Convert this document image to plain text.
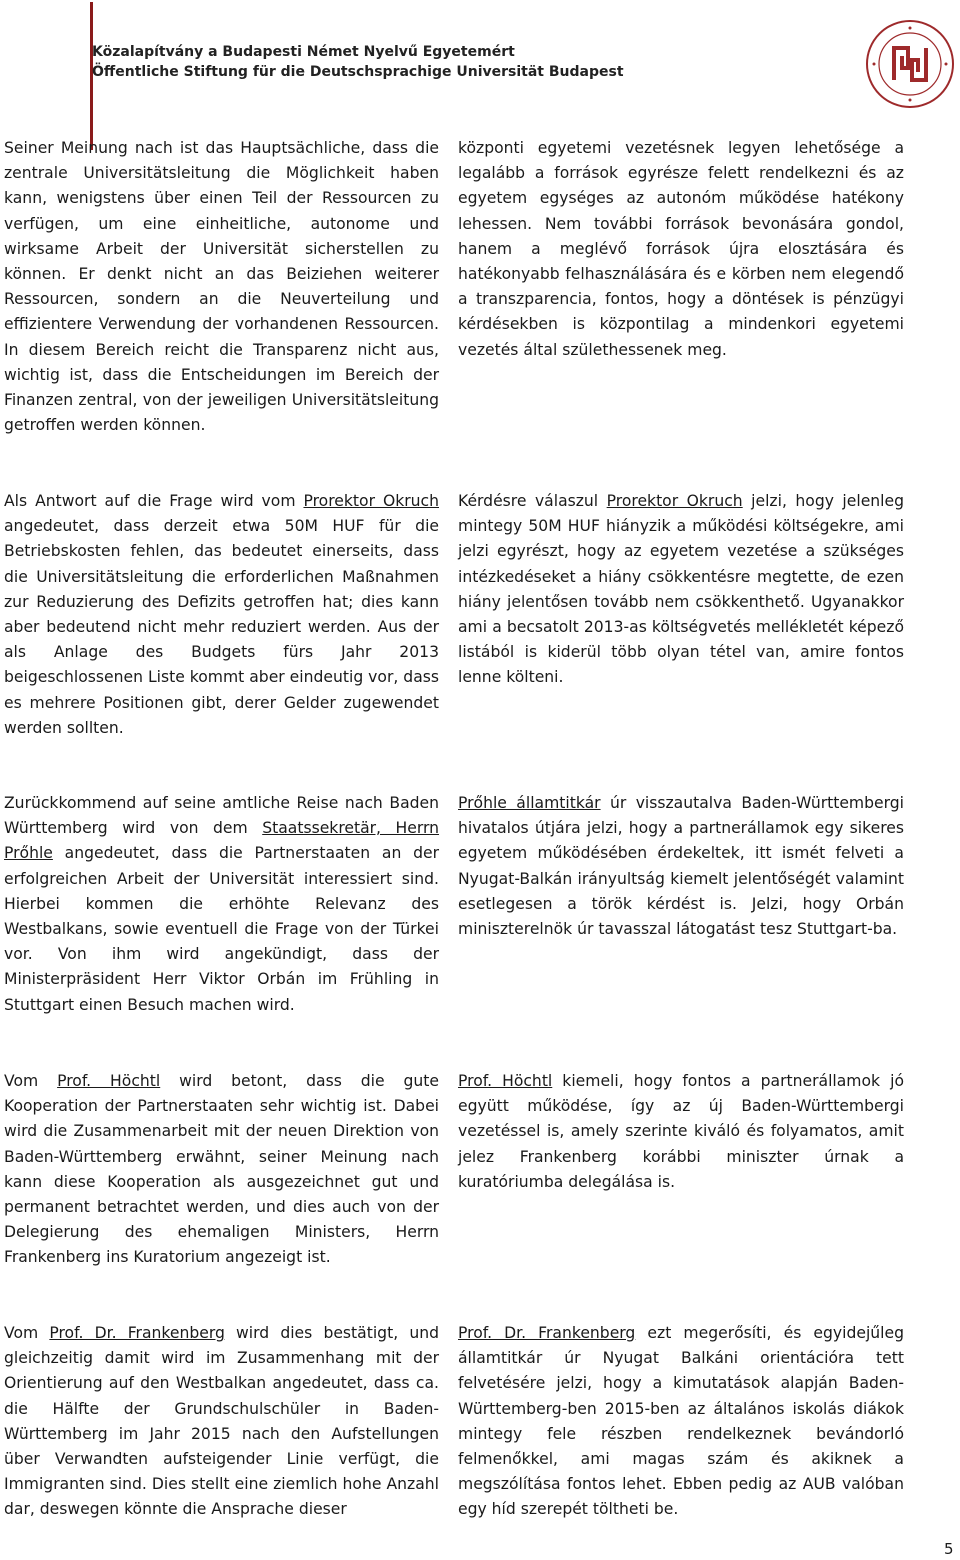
Közalapítvány a Budapesti Német Nyelvű Egyetemért
Öffentliche Stiftung für die Deutschsprachige Universität Budapest

Seiner Meinung nach ist das Hauptsächliche, dass die zentrale Universitätsleitung die Möglichkeit haben kann, wenigstens über einen Teil der Ressourcen zu verfügen, um eine einheitliche, autonome und wirksame Arbeit der Universität sicherstellen zu können. Er denkt nicht an das Beiziehen weiterer Ressourcen, sondern an die Neuverteilung und effizientere Verwendung der vorhandenen Ressourcen. In diesem Bereich reicht die Transparenz nicht aus, wichtig ist, dass die Entscheidungen im Bereich der Finanzen zentral, von der jeweiligen Universitätsleitung getroffen werden können.

Als Antwort auf die Frage wird vom Prorektor Okruch angedeutet, dass derzeit etwa 50M HUF für die Betriebskosten fehlen, das bedeutet einerseits, dass die Universitätsleitung die erforderlichen Maßnahmen zur Reduzierung des Defizits getroffen hat; dies kann aber bedeutend nicht mehr reduziert werden. Aus der als Anlage des Budgets fürs Jahr 2013 beigeschlossenen Liste kommt aber eindeutig vor, dass es mehrere Positionen gibt, derer Gelder zugewendet werden sollten.

Zurückkommend auf seine amtliche Reise nach Baden Württemberg wird von dem Staatssekretär, Herrn Prőhle angedeutet, dass die Partnerstaaten an der erfolgreichen Arbeit der Universität interessiert sind. Hierbei kommen die erhöhte Relevanz des Westbalkans, sowie eventuell die Frage von der Türkei vor. Von ihm wird angekündigt, dass der Ministerpräsident Herr Viktor Orbán im Frühling in Stuttgart einen Besuch machen wird.

Vom Prof. Höchtl wird betont, dass die gute Kooperation der Partnerstaaten sehr wichtig ist. Dabei wird die Zusammenarbeit mit der neuen Direktion von Baden-Württemberg erwähnt, seiner Meinung nach kann diese Kooperation als ausgezeichnet gut und permanent betrachtet werden, und dies auch von der Delegierung des ehemaligen Ministers, Herrn Frankenberg ins Kuratorium angezeigt ist.

Vom Prof. Dr. Frankenberg wird dies bestätigt, und gleichzeitig damit wird im Zusammenhang mit der Orientierung auf den Westbalkan angedeutet, dass ca. die Hälfte der Grundschulschüler in Baden-Württemberg im Jahr 2015 nach den Aufstellungen über Verwandten aufsteigender Linie verfügt, die Immigranten sind. Dies stellt eine ziemlich hohe Anzahl dar, deswegen könnte die Ansprache dieser

központi egyetemi vezetésnek legyen lehetősége a legalább a források egyrésze felett rendelkezni és az egyetem egységes az autonóm működése hatékony lehessen. Nem további források bevonására gondol, hanem a meglévő források újra elosztására és hatékonyabb felhasználására és e körben nem elegendő a transzparencia, fontos, hogy a döntések is pénzügyi kérdésekben is központilag a mindenkori egyetemi vezetés által születhessenek meg.

Kérdésre válaszul Prorektor Okruch jelzi, hogy jelenleg mintegy 50M HUF hiányzik a működési költségekre, ami jelzi egyrészt, hogy az egyetem vezetése a szükséges intézkedéseket a hiány csökkentésre megtette, de ezen hiány jelentősen tovább nem csökkenthető. Ugyanakkor ami a becsatolt 2013-as költségvetés mellékletét képező listából is kiderül több olyan tétel van, amire fontos lenne költeni.

Prőhle államtitkár úr visszautalva Baden-Württembergi hivatalos útjára jelzi, hogy a partnerállamok egy sikeres egyetem működésében érdekeltek, itt ismét felveti a Nyugat-Balkán irányultság kiemelt jelentőségét valamint esetlegesen a török kérdést is. Jelzi, hogy Orbán miniszterelnök úr tavasszal látogatást tesz Stuttgart-ba.

Prof. Höchtl kiemeli, hogy fontos a partnerállamok jó együtt működése, így az új Baden-Württembergi vezetéssel is, amely szerinte kiváló és folyamatos, amit jelez Frankenberg korábbi miniszter úrnak a kuratóriumba delegálása is.

Prof. Dr. Frankenberg ezt megerősíti, és egyidejűleg államtitkár úr Nyugat Balkáni orientációra tett felvetésére jelzi, hogy a kimutatások alapján Baden-Württemberg-ben 2015-ben az általános iskolás diákok mintegy fele részben rendelkeznek bevándorló felmenőkkel, ami magas szám és akiknek a megszólítása fontos lehet. Ebben pedig az AUB valóban egy híd szerepét töltheti be.

5
